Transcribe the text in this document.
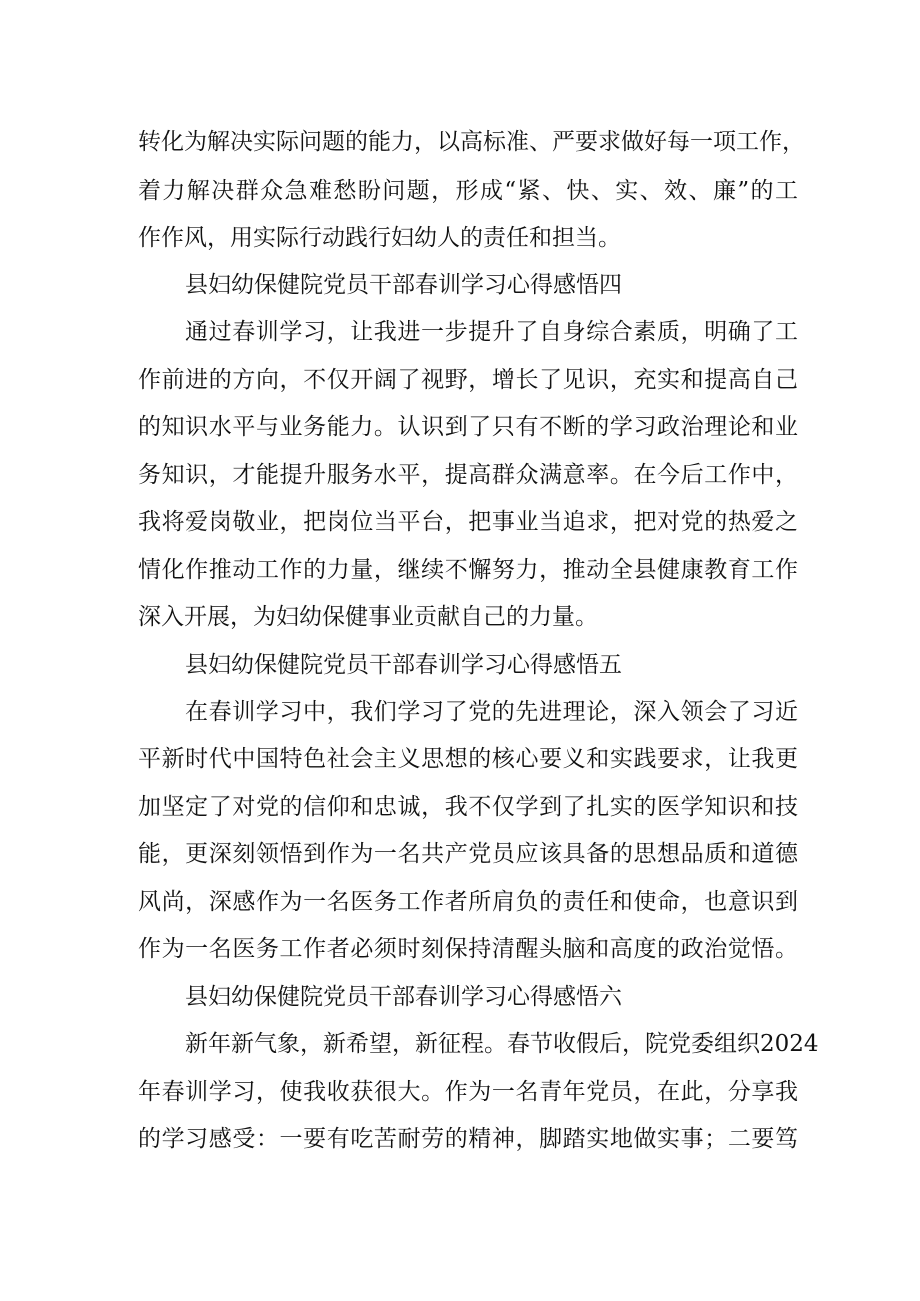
转化为解决实际问题的能力，以高标准、严要求做好每一项工作，
着力解决群众急难愁盼问题，形成“紧、快、实、效、廉”的工
作作风，用实际行动践行妇幼人的责任和担当。
县妇幼保健院党员干部春训学习心得感悟四
通过春训学习，让我进一步提升了自身综合素质，明确了工
作前进的方向，不仅开阔了视野，增长了见识，充实和提高自己
的知识水平与业务能力。认识到了只有不断的学习政治理论和业
务知识，才能提升服务水平，提高群众满意率。在今后工作中，
我将爱岗敬业，把岗位当平台，把事业当追求，把对党的热爱之
情化作推动工作的力量，继续不懈努力，推动全县健康教育工作
深入开展，为妇幼保健事业贡献自己的力量。
县妇幼保健院党员干部春训学习心得感悟五
在春训学习中，我们学习了党的先进理论，深入领会了习近
平新时代中国特色社会主义思想的核心要义和实践要求，让我更
加坚定了对党的信仰和忠诚，我不仅学到了扎实的医学知识和技
能，更深刻领悟到作为一名共产党员应该具备的思想品质和道德
风尚，深感作为一名医务工作者所肩负的责任和使命，也意识到
作为一名医务工作者必须时刻保持清醒头脑和高度的政治觉悟。
县妇幼保健院党员干部春训学习心得感悟六
新年新气象，新希望，新征程。春节收假后，院党委组织2024
年春训学习，使我收获很大。作为一名青年党员，在此，分享我
的学习感受：一要有吃苦耐劳的精神，脚踏实地做实事；二要笃
